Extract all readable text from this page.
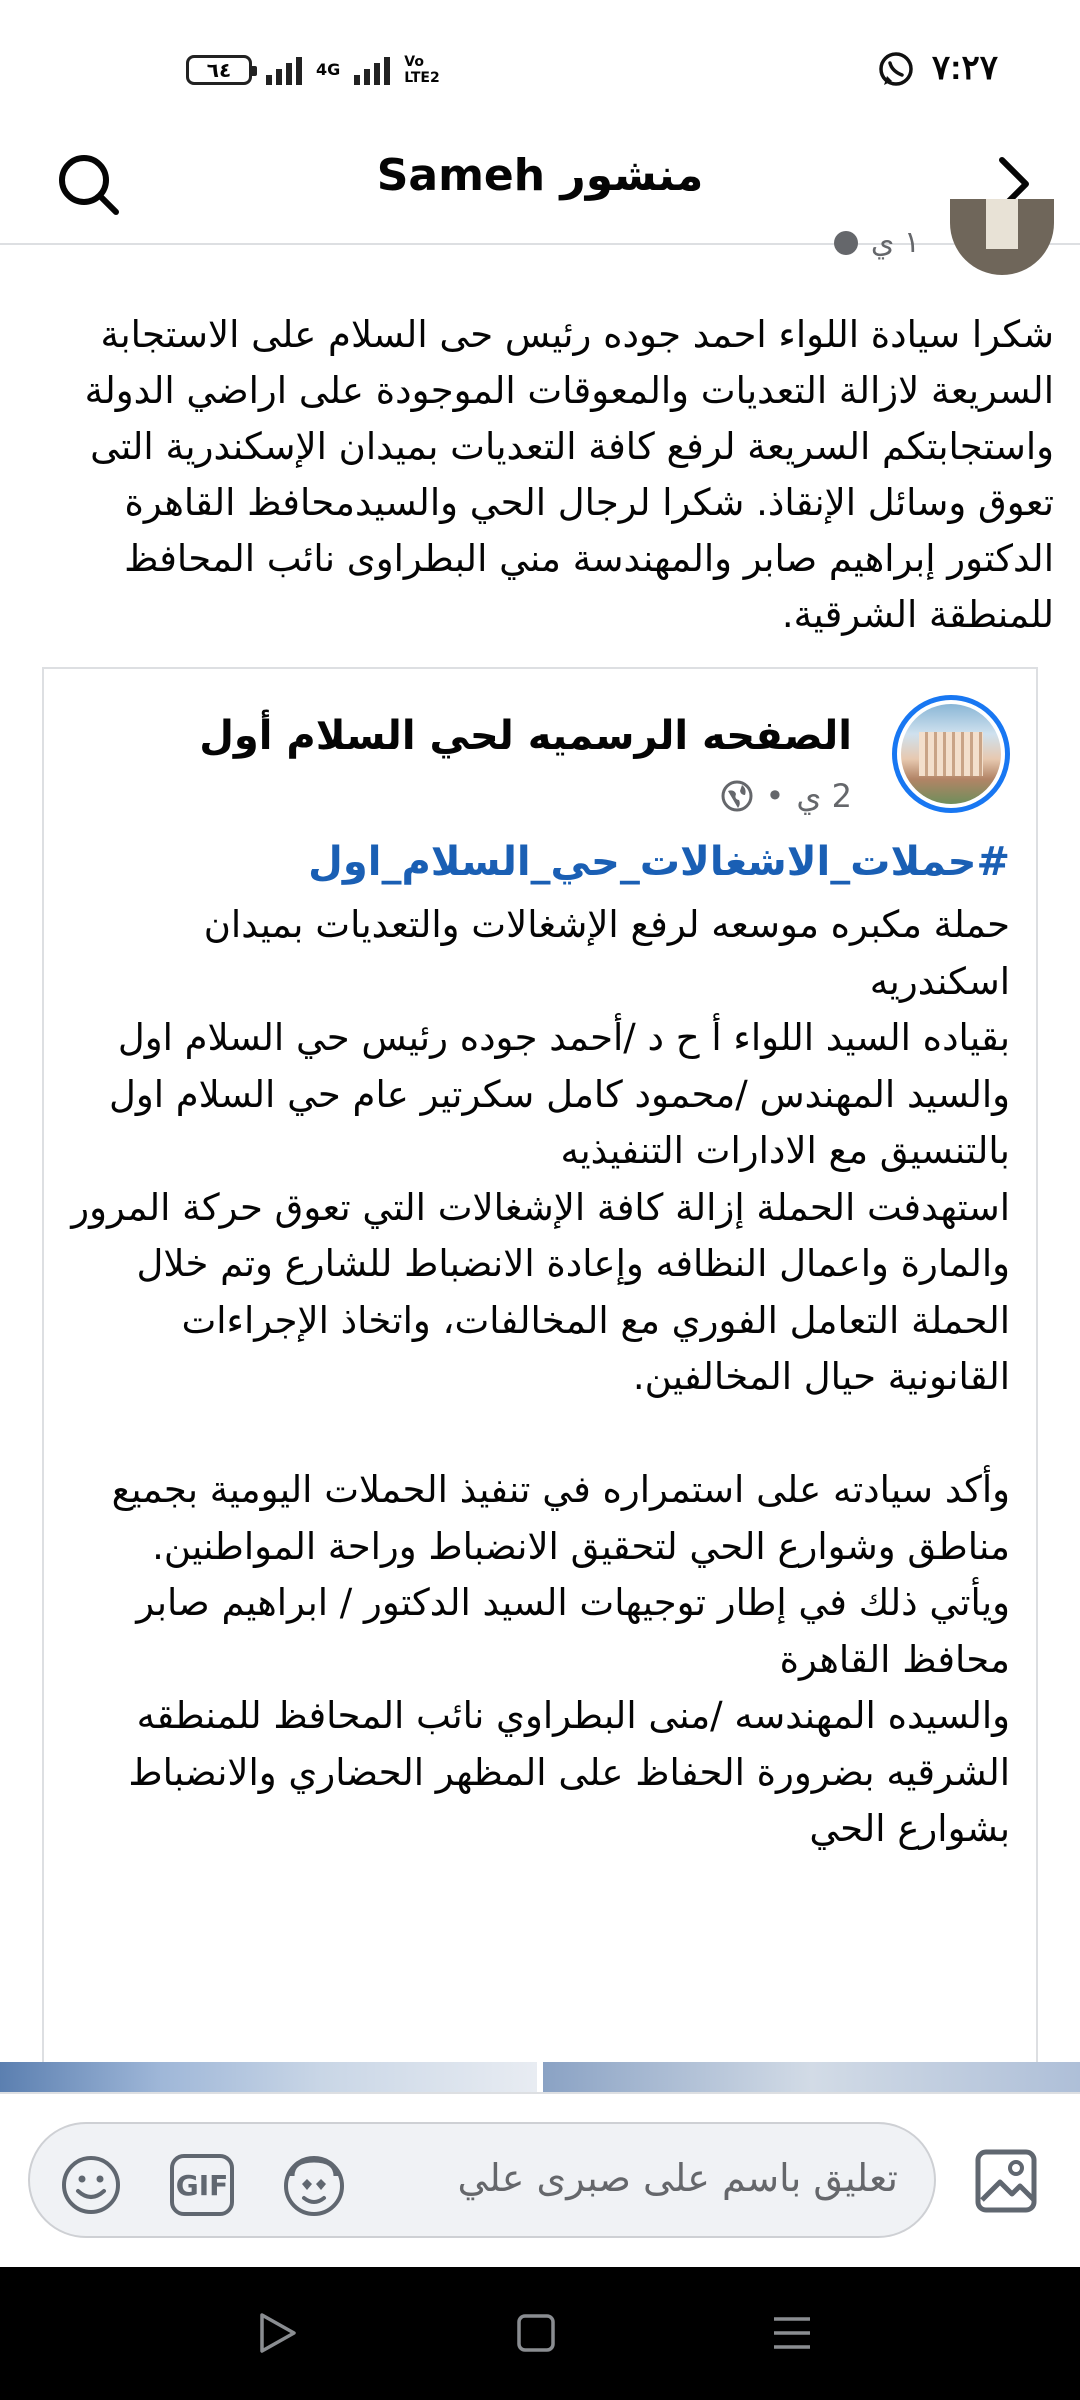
٦٤	4G	Vo LTE2	٧:٢٧
منشور Sameh
١ ي
شكرا سيادة اللواء احمد جوده رئيس حى السلام على الاستجابة السريعة لازالة التعديات والمعوقات الموجودة على اراضي الدولة واستجابتكم السريعة لرفع كافة التعديات بميدان الإسكندرية التى تعوق وسائل الإنقاذ. شكرا لرجال الحي والسيدمحافظ القاهرة الدكتور إبراهيم صابر والمهندسة مني البطراوى نائب المحافظ للمنطقة الشرقية.
الصفحه الرسميه لحي السلام أول
2 ي
•
#حملات_الاشغالات_حي_السلام_اول
حملة مكبره موسعه لرفع الإشغالات والتعديات بميدان اسكندريه
بقياده السيد اللواء أ ح د /أحمد جوده رئيس حي السلام اول
والسيد المهندس /محمود كامل سكرتير عام حي السلام اول
بالتنسيق مع الادارات التنفيذيه
استهدفت الحملة إزالة كافة الإشغالات التي تعوق حركة المرور والمارة واعمال النظافه وإعادة الانضباط للشارع وتم خلال الحملة التعامل الفوري مع المخالفات، واتخاذ الإجراءات القانونية حيال المخالفين.

وأكد سيادته على استمراره في تنفيذ الحملات اليومية بجميع مناطق وشوارع الحي لتحقيق الانضباط وراحة المواطنين.
ويأتي ذلك في إطار توجيهات السيد الدكتور / ابراهيم صابر محافظ القاهرة
والسيده المهندسه /منى البطراوي نائب المحافظ للمنطقه الشرقيه بضرورة الحفاظ على المظهر الحضاري والانضباط بشوارع الحي
GIF	تعليق باسم على صبرى علي
